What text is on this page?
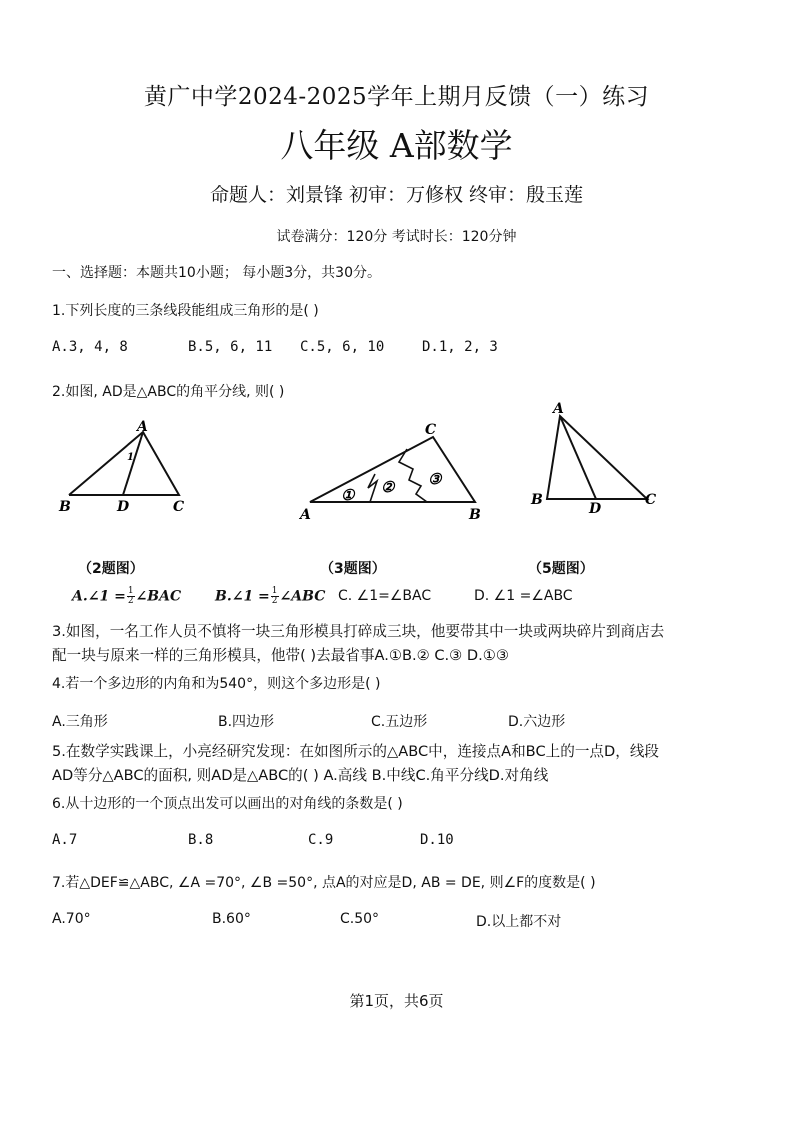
黄广中学2024-2025学年上期月反馈（一）练习
八年级 A部数学
命题人：刘景锋 初审：万修权 终审：殷玉莲
试卷满分：120分 考试时长：120分钟
一、选择题：本题共10小题； 每小题3分，共30分。
1.下列长度的三条线段能组成三角形的是( )
A.3, 4, 8	B.5, 6, 11 C.5, 6, 10	D.1, 2, 3
2.如图, AD是△ABC的角平分线, 则( )
A
B	D	C
1
C
A	B
① ② ③
A
B
D
C
（2题图）	（3题图）	（5题图）
A.∠1 = $\frac{1}{2}$ ∠BAC B.∠1 = $\frac{1}{2}$ ∠ABC C. ∠1=∠BAC	D. ∠1 =∠ABC
3.如图，一名工作人员不慎将一块三角形模具打碎成三块，他要带其中一块或两块碎片到商店去
配一块与原来一样的三角形模具，他带( )去最省事A.①B.② C.③ D.①③
4.若一个多边形的内角和为540°，则这个多边形是( )
A.三角形	B.四边形	C.五边形	D.六边形
5.在数学实践课上，小亮经研究发现：在如图所示的△ABC中，连接点A和BC上的一点D，线段
AD等分△ABC的面积, 则AD是△ABC的( ) A.高线 B.中线C.角平分线D.对角线
6.从十边形的一个顶点出发可以画出的对角线的条数是( )
A.7	B.8	C.9	D.10
7.若△DEF≌△ABC, ∠A =70°, ∠B =50°, 点A的对应是D, AB = DE, 则∠F的度数是( )
A.70°	B.60°	C.50°	D.以上都不对
第1页，共6页
